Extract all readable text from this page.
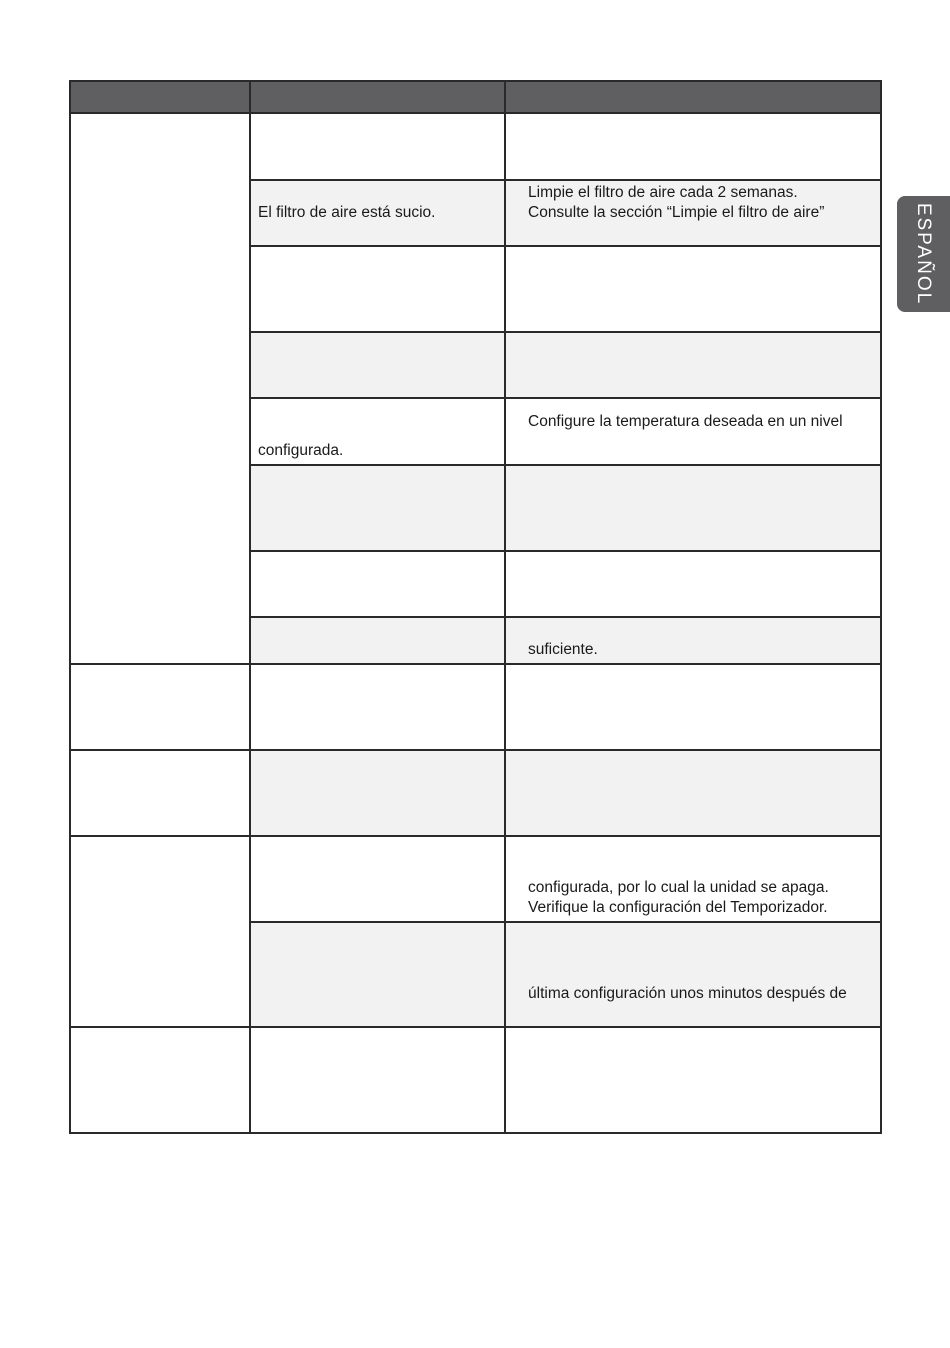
ESPAÑOL
El filtro de aire está sucio.
Limpie el filtro de aire cada 2 semanas.
Consulte la sección “Limpie el filtro de aire”
configurada.
Configure la temperatura deseada en un nivel
suficiente.
configurada, por lo cual la unidad se apaga.
Verifique la configuración del Temporizador.
última configuración unos minutos después de
